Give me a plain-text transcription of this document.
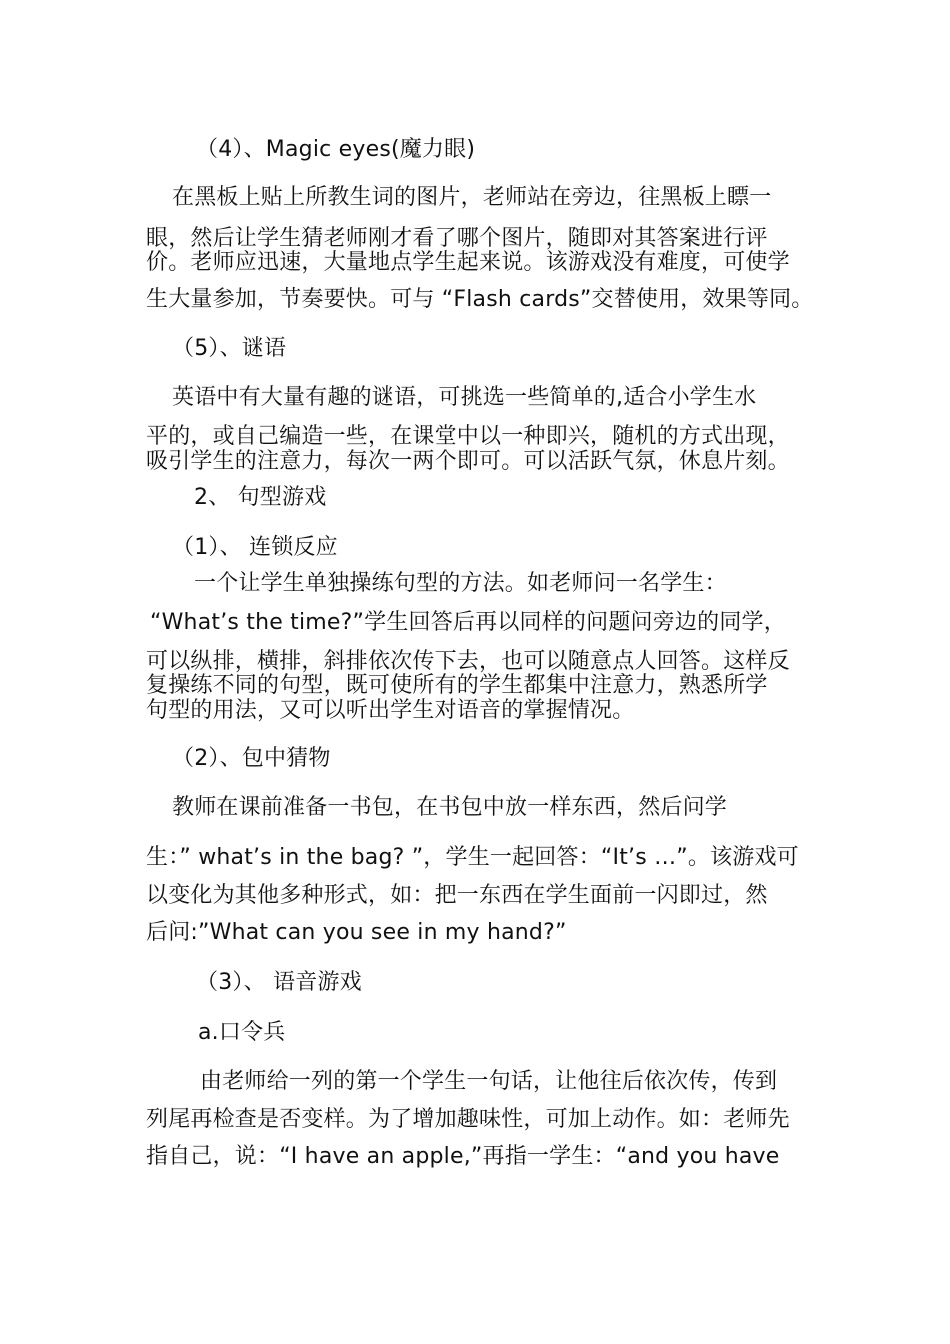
（4）、Magic eyes(魔力眼)
在黑板上贴上所教生词的图片，老师站在旁边，往黑板上瞟一
眼，然后让学生猜老师刚才看了哪个图片，随即对其答案进行评
价。老师应迅速，大量地点学生起来说。该游戏没有难度，可使学
生大量参加，节奏要快。可与 “Flash cards”交替使用，效果等同。
（5）、谜语
英语中有大量有趣的谜语，可挑选一些简单的,适合小学生水
平的，或自己编造一些，在课堂中以一种即兴，随机的方式出现，
吸引学生的注意力，每次一两个即可。可以活跃气氛，休息片刻。
2、 句型游戏
（1）、 连锁反应
一个让学生单独操练句型的方法。如老师问一名学生：
“What’s the time?”学生回答后再以同样的问题问旁边的同学，
可以纵排，横排，斜排依次传下去，也可以随意点人回答。这样反
复操练不同的句型，既可使所有的学生都集中注意力，熟悉所学
句型的用法，又可以听出学生对语音的掌握情况。
（2）、包中猜物
教师在课前准备一书包，在书包中放一样东西，然后问学
生：” what’s in the bag? ”，学生一起回答：“It’s …”。该游戏可
以变化为其他多种形式，如：把一东西在学生面前一闪即过，然
后问:”What can you see in my hand?”
（3）、 语音游戏
a.口令兵
由老师给一列的第一个学生一句话，让他往后依次传，传到
列尾再检查是否变样。为了增加趣味性，可加上动作。如：老师先
指自己，说：“I have an apple,”再指一学生：“and you have
